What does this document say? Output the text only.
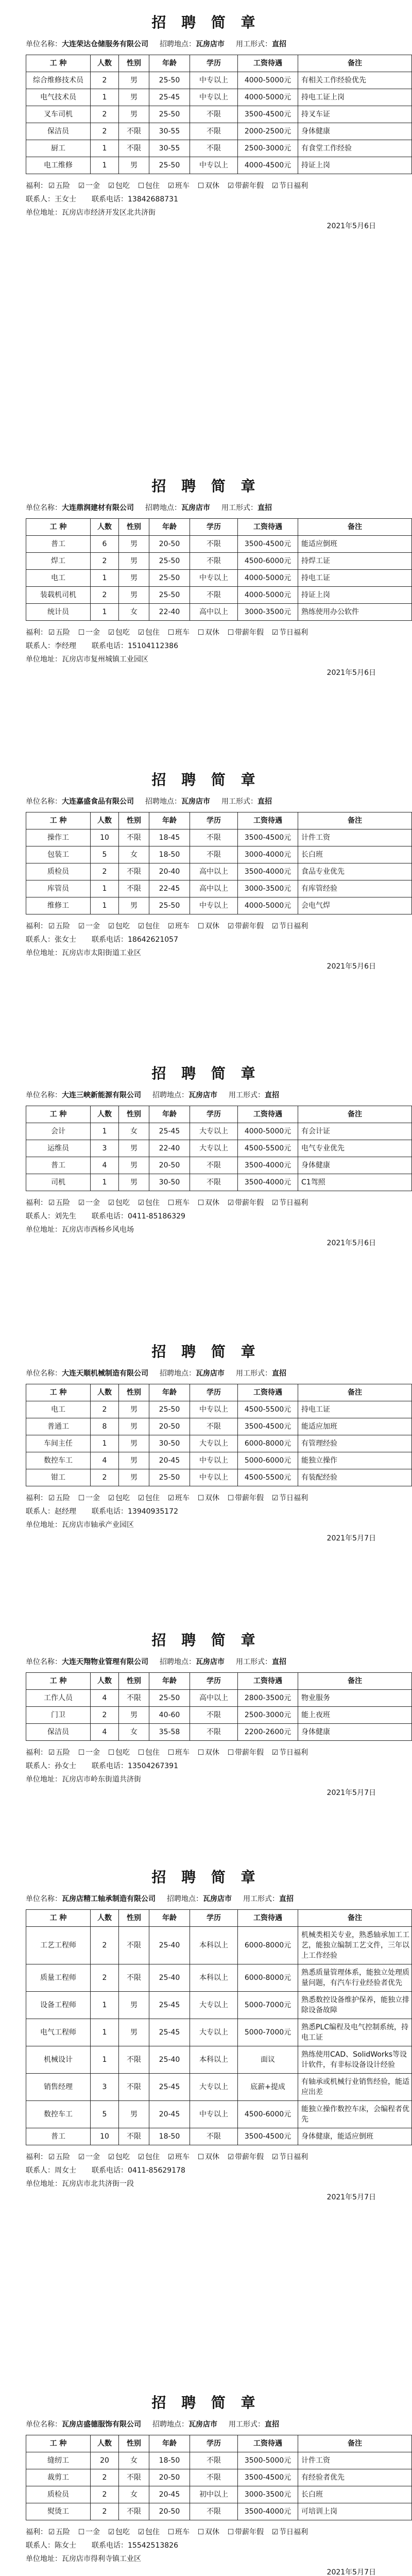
招 聘 简 章
单位名称：大连荣达仓储服务有限公司 招聘地点：瓦房店市 用工形式：直招
工 种	人数	性别	年龄	学历	工资待遇	备注
综合维修技术员	2	男	25-50	中专以上	4000-5000元	有相关工作经验优先
电气技术员	1	男	25-45	中专以上	4000-5000元	持电工证上岗
叉车司机	2	男	25-50	不限	3500-4500元	持叉车证
保洁员	2	不限	30-55	不限	2000-2500元	身体健康
厨工	1	不限	30-55	不限	2500-3000元	有食堂工作经验
电工维修	1	男	25-50	中专以上	4000-4500元	持证上岗
福利： ☑ 五险 ☑ 一金 ☑ 包吃 ☐ 包住 ☑ 班车 ☐ 双休 ☑ 带薪年假 ☑ 节日福利
联系人：王女士 联系电话：13842688731
单位地址：瓦房店市经济开发区北共济街
2021年5月6日
招 聘 简 章
单位名称：大连鼎润建材有限公司 招聘地点：瓦房店市 用工形式：直招
工 种	人数	性别	年龄	学历	工资待遇	备注
普工	6	男	20-50	不限	3500-4500元	能适应倒班
焊工	2	男	25-50	不限	4500-6000元	持焊工证
电工	1	男	25-50	中专以上	4000-5000元	持电工证
装载机司机	2	男	25-50	不限	4000-5000元	持证上岗
统计员	1	女	22-40	高中以上	3000-3500元	熟练使用办公软件
福利： ☑ 五险 ☐ 一金 ☑ 包吃 ☑ 包住 ☐ 班车 ☐ 双休 ☐ 带薪年假 ☑ 节日福利
联系人：李经理 联系电话：15104112386
单位地址：瓦房店市复州城镇工业园区
2021年5月6日
招 聘 简 章
单位名称：大连嘉盛食品有限公司 招聘地点：瓦房店市 用工形式：直招
工 种	人数	性别	年龄	学历	工资待遇	备注
操作工	10	不限	18-45	不限	3500-4500元	计件工资
包装工	5	女	18-50	不限	3000-4000元	长白班
质检员	2	不限	20-40	高中以上	3500-4000元	食品专业优先
库管员	1	不限	22-45	高中以上	3000-3500元	有库管经验
维修工	1	男	25-50	中专以上	4000-5000元	会电气焊
福利： ☑ 五险 ☑ 一金 ☑ 包吃 ☑ 包住 ☑ 班车 ☐ 双休 ☑ 带薪年假 ☑ 节日福利
联系人：张女士 联系电话：18642621057
单位地址：瓦房店市太阳街道工业区
2021年5月6日
招 聘 简 章
单位名称：大连三峡新能源有限公司 招聘地点：瓦房店市 用工形式：直招
工 种	人数	性别	年龄	学历	工资待遇	备注
会计	1	女	25-45	大专以上	4000-5000元	有会计证
运维员	3	男	22-40	大专以上	4500-5500元	电气专业优先
普工	4	男	20-50	不限	3500-4000元	身体健康
司机	1	男	30-50	不限	3500-4000元	C1驾照
福利： ☑ 五险 ☑ 一金 ☑ 包吃 ☑ 包住 ☐ 班车 ☐ 双休 ☑ 带薪年假 ☑ 节日福利
联系人：刘先生 联系电话：0411-85186329
单位地址：瓦房店市西杨乡风电场
2021年5月6日
招 聘 简 章
单位名称：大连天顺机械制造有限公司 招聘地点：瓦房店市 用工形式：直招
工 种	人数	性别	年龄	学历	工资待遇	备注
电工	2	男	25-50	中专以上	4500-5500元	持电工证
普通工	8	男	20-50	不限	3500-4500元	能适应加班
车间主任	1	男	30-50	大专以上	6000-8000元	有管理经验
数控车工	4	男	20-45	中专以上	5000-6000元	能独立操作
钳工	2	男	25-50	中专以上	4500-5500元	有装配经验
福利： ☑ 五险 ☐ 一金 ☑ 包吃 ☑ 包住 ☑ 班车 ☐ 双休 ☐ 带薪年假 ☑ 节日福利
联系人：赵经理 联系电话：13940935172
单位地址：瓦房店市轴承产业园区
2021年5月7日
招 聘 简 章
单位名称：大连天翔物业管理有限公司 招聘地点：瓦房店市 用工形式：直招
工 种	人数	性别	年龄	学历	工资待遇	备注
工作人员	4	不限	25-50	高中以上	2800-3500元	物业服务
门卫	2	男	40-60	不限	2500-3000元	能上夜班
保洁员	4	女	35-58	不限	2200-2600元	身体健康
福利： ☑ 五险 ☐ 一金 ☐ 包吃 ☐ 包住 ☐ 班车 ☐ 双休 ☐ 带薪年假 ☑ 节日福利
联系人：孙女士 联系电话：13504267391
单位地址：瓦房店市岭东街道共济街
2021年5月7日
招 聘 简 章
单位名称：瓦房店精工轴承制造有限公司 招聘地点：瓦房店市 用工形式：直招
工 种	人数	性别	年龄	学历	工资待遇	备注
工艺工程师	2	不限	25-40	本科以上	6000-8000元	机械类相关专业，熟悉轴承加工工艺，能独立编制工艺文件，三年以上工作经验
质量工程师	2	不限	25-40	本科以上	6000-8000元	熟悉质量管理体系，能独立处理质量问题，有汽车行业经验者优先
设备工程师	1	男	25-45	大专以上	5000-7000元	熟悉数控设备维护保养，能独立排除设备故障
电气工程师	1	男	25-45	大专以上	5000-7000元	熟悉PLC编程及电气控制系统，持电工证
机械设计	1	不限	25-40	本科以上	面议	熟练使用CAD、SolidWorks等设计软件，有非标设备设计经验
销售经理	3	不限	25-45	大专以上	底薪+提成	有轴承或机械行业销售经验，能适应出差
数控车工	5	男	20-45	中专以上	4500-6000元	能独立操作数控车床，会编程者优先
普工	10	不限	18-50	不限	3500-4500元	身体健康，能适应倒班
福利： ☑ 五险 ☑ 一金 ☑ 包吃 ☑ 包住 ☑ 班车 ☐ 双休 ☑ 带薪年假 ☑ 节日福利
联系人：周女士 联系电话：0411-85629178
单位地址：瓦房店市北共济街一段
2021年5月7日
招 聘 简 章
单位名称：瓦房店盛德服饰有限公司 招聘地点：瓦房店市 用工形式：直招
工 种	人数	性别	年龄	学历	工资待遇	备注
缝纫工	20	女	18-50	不限	3500-5000元	计件工资
裁剪工	2	不限	20-50	不限	3500-4500元	有经验者优先
质检员	2	女	20-45	初中以上	3000-3500元	长白班
熨烫工	2	不限	20-50	不限	3500-4000元	可培训上岗
福利： ☑ 五险 ☐ 一金 ☑ 包吃 ☑ 包住 ☐ 班车 ☐ 双休 ☐ 带薪年假 ☑ 节日福利
联系人：陈女士 联系电话：15542513826
单位地址：瓦房店市得利寺镇工业区
2021年5月7日
